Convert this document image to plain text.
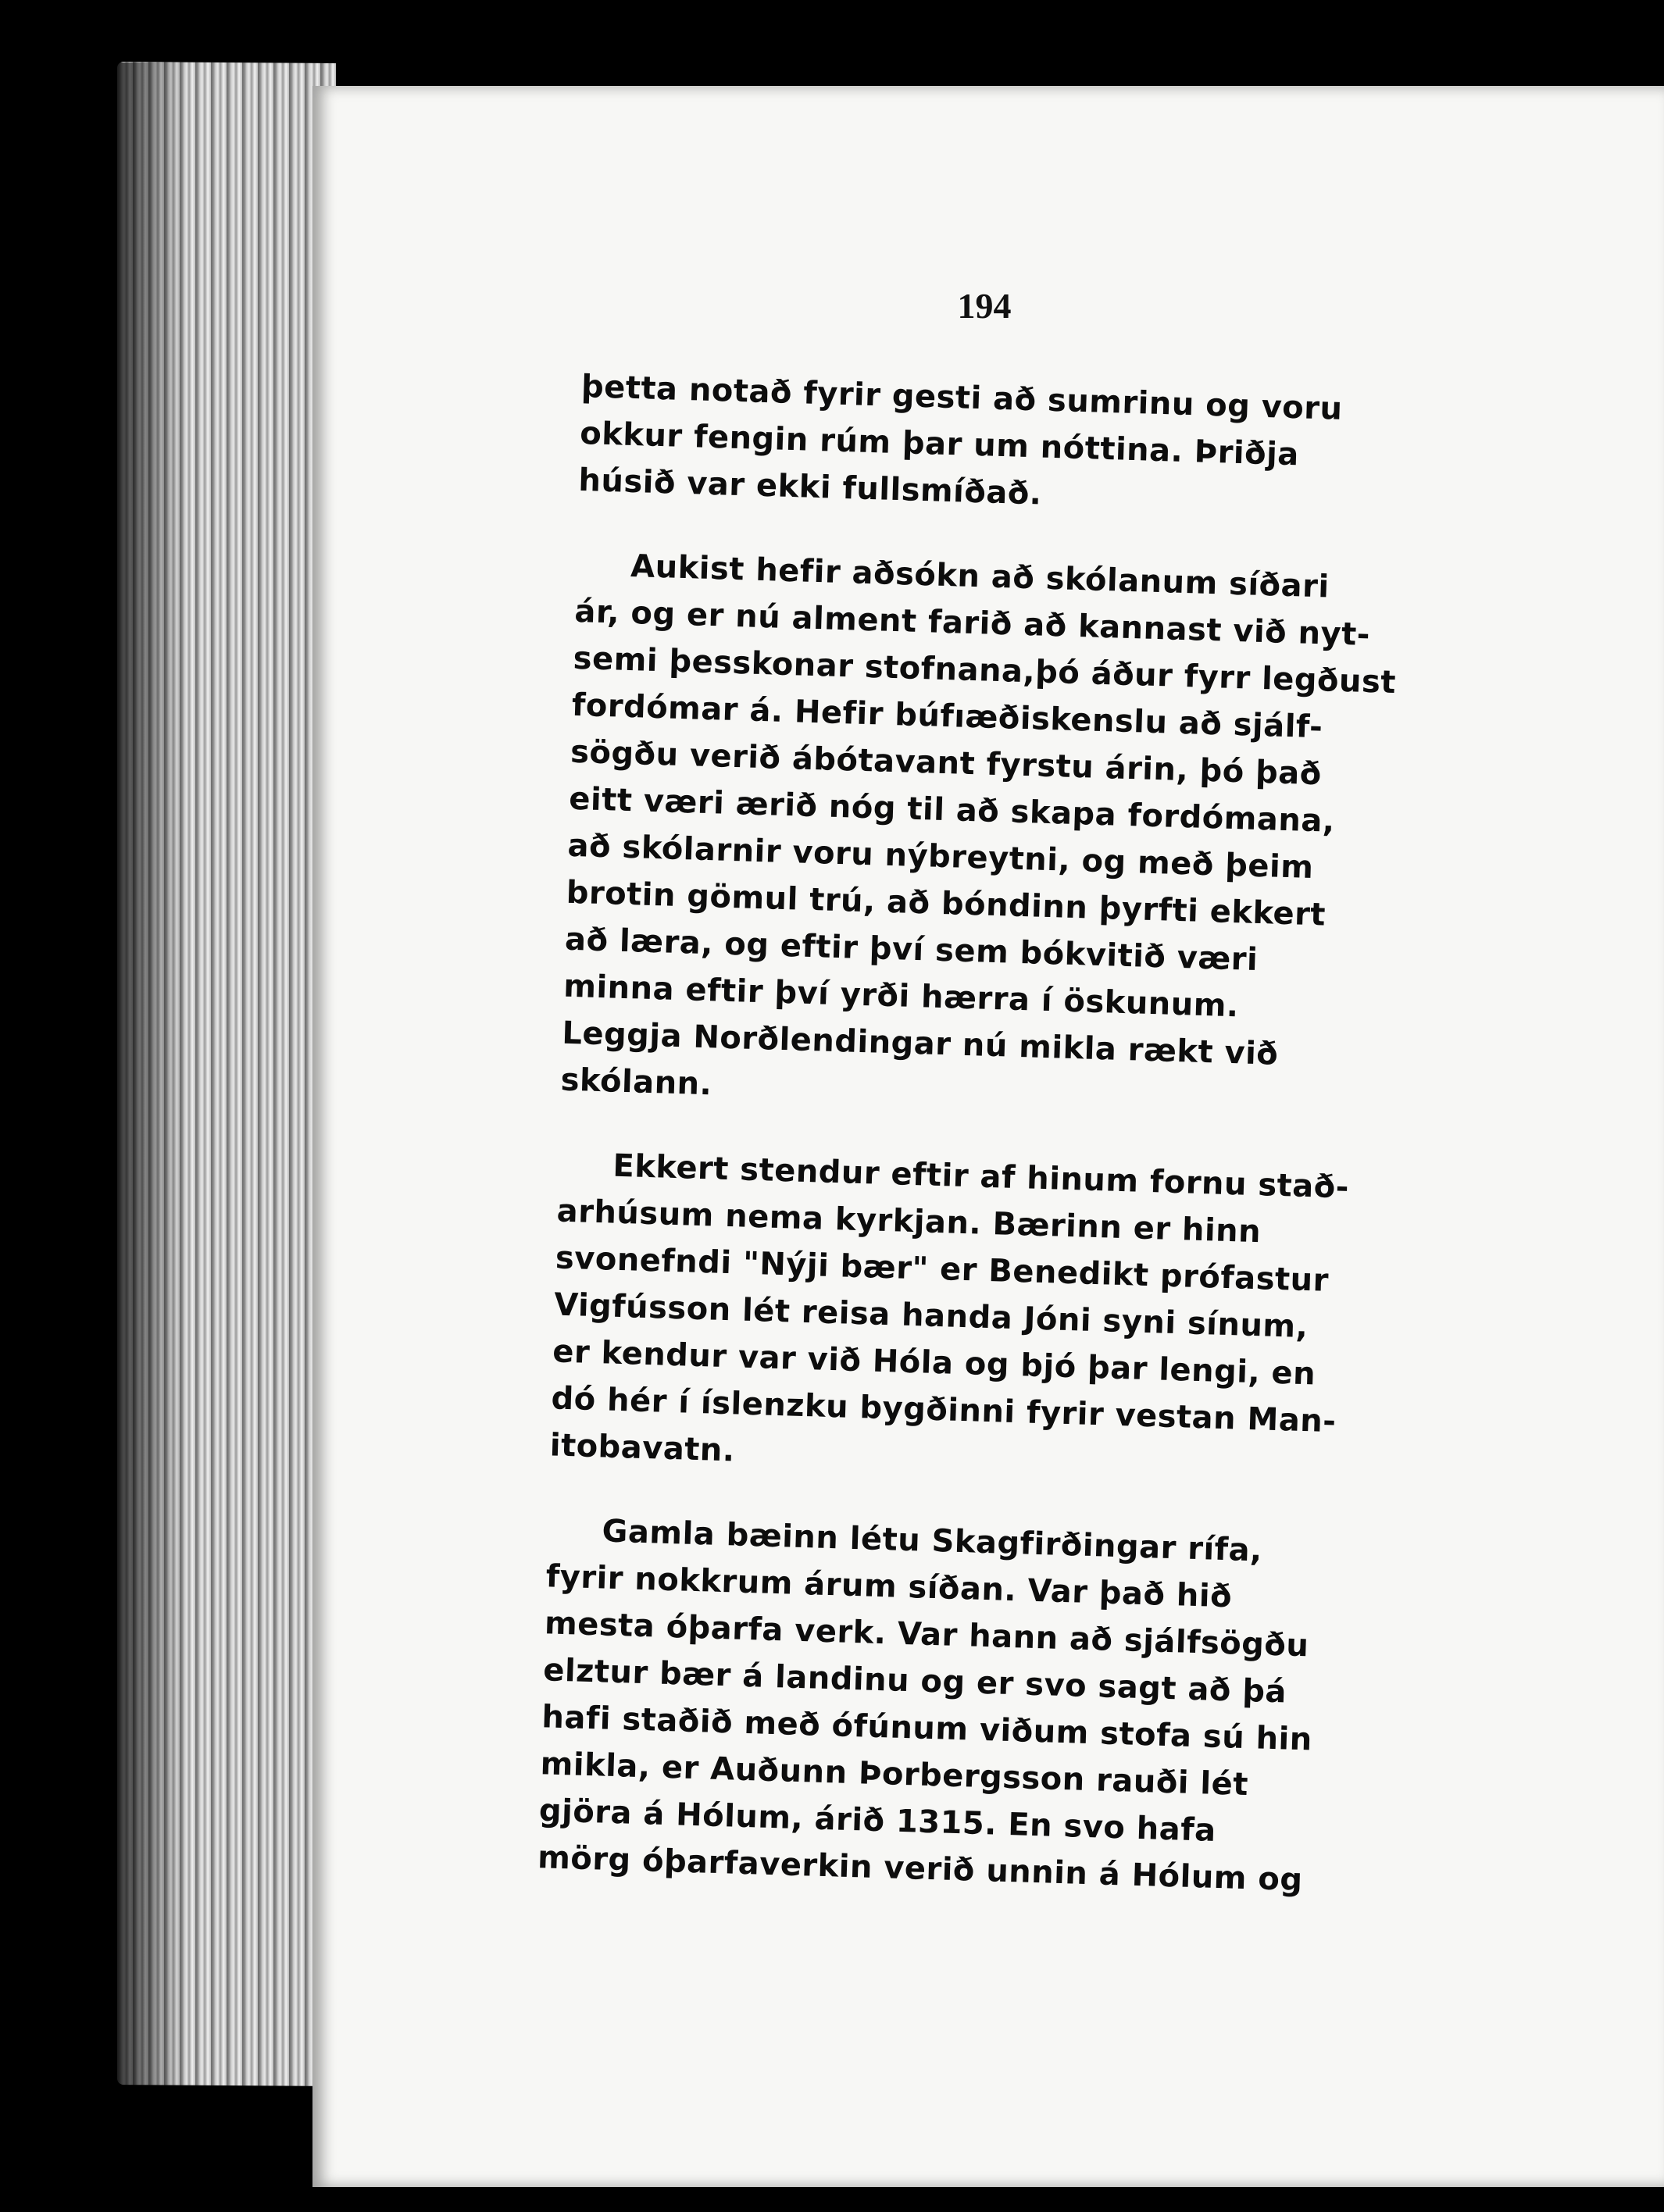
194
þetta notað fyrir gesti að sumrinu og voru
okkur fengin rúm þar um nóttina. Þriðja
húsið var ekki fullsmíðað.
Aukist hefir aðsókn að skólanum síðari
ár, og er nú alment farið að kannast við nyt-
semi þesskonar stofnana,þó áður fyrr legðust
fordómar á. Hefir búfıæðiskenslu að sjálf-
sögðu verið ábótavant fyrstu árin, þó það
eitt væri ærið nóg til að skapa fordómana,
að skólarnir voru nýbreytni, og með þeim
brotin gömul trú, að bóndinn þyrfti ekkert
að læra, og eftir því sem bókvitið væri
minna eftir því yrði hærra í öskunum.
Leggja Norðlendingar nú mikla rækt við
skólann.
Ekkert stendur eftir af hinum fornu stað-
arhúsum nema kyrkjan. Bærinn er hinn
svonefndi "Nýji bær" er Benedikt prófastur
Vigfússon lét reisa handa Jóni syni sínum,
er kendur var við Hóla og bjó þar lengi, en
dó hér í íslenzku bygðinni fyrir vestan Man-
itobavatn.
Gamla bæinn létu Skagfirðingar rífa,
fyrir nokkrum árum síðan. Var það hið
mesta óþarfa verk. Var hann að sjálfsögðu
elztur bær á landinu og er svo sagt að þá
hafi staðið með ófúnum viðum stofa sú hin
mikla, er Auðunn Þorbergsson rauði lét
gjöra á Hólum, árið 1315. En svo hafa
mörg óþarfaverkin verið unnin á Hólum og
